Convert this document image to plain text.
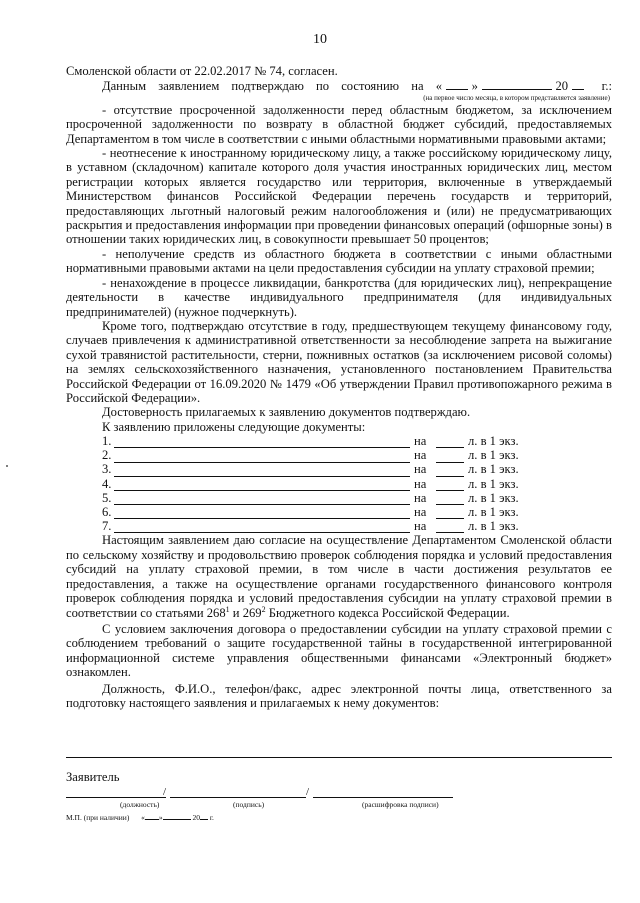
10

Смоленской области от 22.02.2017 № 74, согласен.

Данным заявлением подтверждаю по состоянию на « »	20	г.:

(на первое число месяца, в котором представляется заявление)

- отсутствие просроченной задолженности перед областным бюджетом, за исключением просроченной задолженности по возврату в областной бюджет субсидий, предоставляемых Департаментом в том числе в соответствии с иными областными нормативными правовыми актами;

- неотнесение к иностранному юридическому лицу, а также российскому юридическому лицу, в уставном (складочном) капитале которого доля участия иностранных юридических лиц, местом регистрации которых является государство или территория, включенные в утверждаемый Министерством финансов Российской Федерации перечень государств и территорий, предоставляющих льготный налоговый режим налогообложения и (или) не предусматривающих раскрытия и предоставления информации при проведении финансовых операций (офшорные зоны) в отношении таких юридических лиц, в совокупности превышает 50 процентов;

- неполучение средств из областного бюджета в соответствии с иными областными нормативными правовыми актами на цели предоставления субсидии на уплату страховой премии;

- ненахождение в процессе ликвидации, банкротства (для юридических лиц), непрекращение деятельности в качестве индивидуального предпринимателя (для индивидуальных предпринимателей) (нужное подчеркнуть).

Кроме того, подтверждаю отсутствие в году, предшествующем текущему финансовому году, случаев привлечения к административной ответственности за несоблюдение запрета на выжигание сухой травянистой растительности, стерни, пожнивных остатков (за исключением рисовой соломы) на землях сельскохозяйственного назначения, установленного постановлением Правительства Российской Федерации от 16.09.2020 № 1479 «Об утверждении Правил противопожарного режима в Российской Федерации».

Достоверность прилагаемых к заявлению документов подтверждаю.

К заявлению приложены следующие документы:

1.	на	л. в 1 экз.
2.	на	л. в 1 экз.
3.	на	л. в 1 экз.
4.	на	л. в 1 экз.
5.	на	л. в 1 экз.
6.	на	л. в 1 экз.
7.	на	л. в 1 экз.

Настоящим заявлением даю согласие на осуществление Департаментом Смоленской области по сельскому хозяйству и продовольствию проверок соблюдения порядка и условий предоставления субсидий на уплату страховой премии, в том числе в части достижения результатов ее предоставления, а также на осуществление органами государственного финансового контроля проверок соблюдения порядка и условий предоставления субсидии на уплату страховой премии в соответствии со статьями $268^1$ и $269^2$ Бюджетного кодекса Российской Федерации.

С условием заключения договора о предоставлении субсидии на уплату страховой премии с соблюдением требований о защите государственной тайны в государственной интегрированной информационной системе управления общественными финансами «Электронный бюджет» ознакомлен.

Должность, Ф.И.О., телефон/факс, адрес электронной почты лица, ответственного за подготовку настоящего заявления и прилагаемых к нему документов:

Заявитель
/	/
(должность)	(подпись)	(расшифровка подписи)
М.П. (при наличии) « »	20 г.
